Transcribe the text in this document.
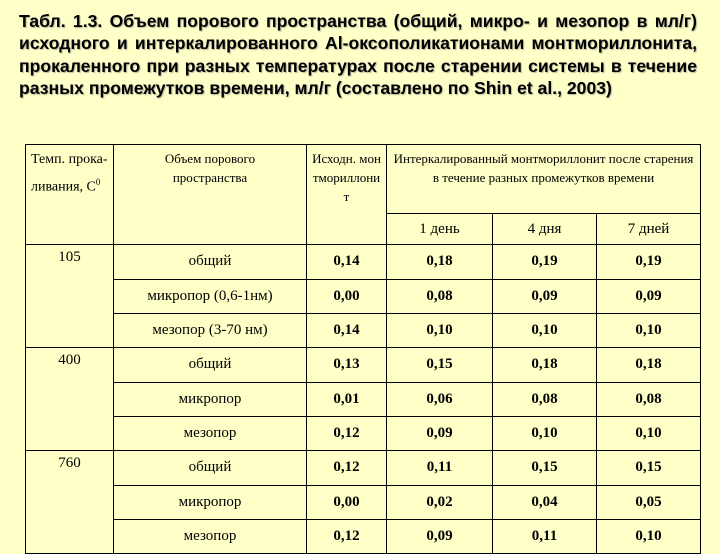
Табл. 1.3. Объем порового пространства (общий, микро- и мезопор в мл/г) исходного и интеркалированного Al-оксополикатионами монтмориллонита, прокаленного при разных температурах после старении системы в течение разных промежутков времени, мл/г (составлено по Shin et al., 2003)

Темп. прока-ливания, $С^0$	Объем порового пространства	Исходн. монтмориллонит	Интеркалированный монтмориллонит после старения в течение разных промежутков времени		
			1 день	4 дня	7 дней
105	общий	0,14	0,18	0,19	0,19
	микропор (0,6-1нм)	0,00	0,08	0,09	0,09
	мезопор (3-70 нм)	0,14	0,10	0,10	0,10
400	общий	0,13	0,15	0,18	0,18
	микропор	0,01	0,06	0,08	0,08
	мезопор	0,12	0,09	0,10	0,10
760	общий	0,12	0,11	0,15	0,15
	микропор	0,00	0,02	0,04	0,05
	мезопор	0,12	0,09	0,11	0,10
